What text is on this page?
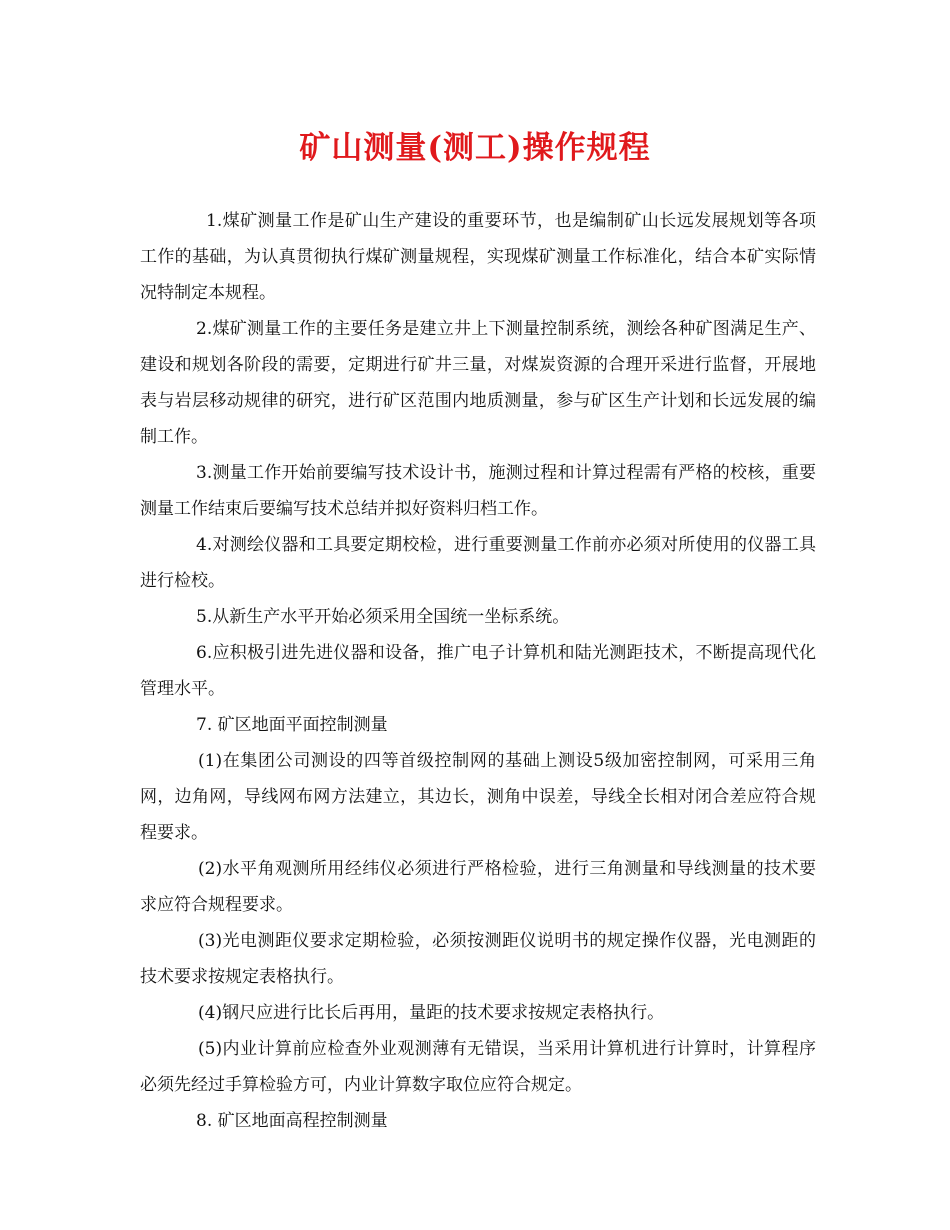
矿山测量(测工)操作规程

1.煤矿测量工作是矿山生产建设的重要环节，也是编制矿山长远发展规划等各项工作的基础，为认真贯彻执行煤矿测量规程，实现煤矿测量工作标准化，结合本矿实际情况特制定本规程。

2.煤矿测量工作的主要任务是建立井上下测量控制系统，测绘各种矿图满足生产、建设和规划各阶段的需要，定期进行矿井三量，对煤炭资源的合理开采进行监督，开展地表与岩层移动规律的研究，进行矿区范围内地质测量，参与矿区生产计划和长远发展的编制工作。

3.测量工作开始前要编写技术设计书，施测过程和计算过程需有严格的校核，重要测量工作结束后要编写技术总结并拟好资料归档工作。

4.对测绘仪器和工具要定期校检，进行重要测量工作前亦必须对所使用的仪器工具进行检校。

5.从新生产水平开始必须采用全国统一坐标系统。

6.应积极引进先进仪器和设备，推广电子计算机和陆光测距技术，不断提高现代化管理水平。

7. 矿区地面平面控制测量

(1)在集团公司测设的四等首级控制网的基础上测设5级加密控制网，可采用三角网，边角网，导线网布网方法建立，其边长，测角中误差，导线全长相对闭合差应符合规程要求。

(2)水平角观测所用经纬仪必须进行严格检验，进行三角测量和导线测量的技术要求应符合规程要求。

(3)光电测距仪要求定期检验，必须按测距仪说明书的规定操作仪器，光电测距的技术要求按规定表格执行。

(4)钢尺应进行比长后再用，量距的技术要求按规定表格执行。

(5)内业计算前应检查外业观测薄有无错误，当采用计算机进行计算时，计算程序必须先经过手算检验方可，内业计算数字取位应符合规定。

8. 矿区地面高程控制测量
